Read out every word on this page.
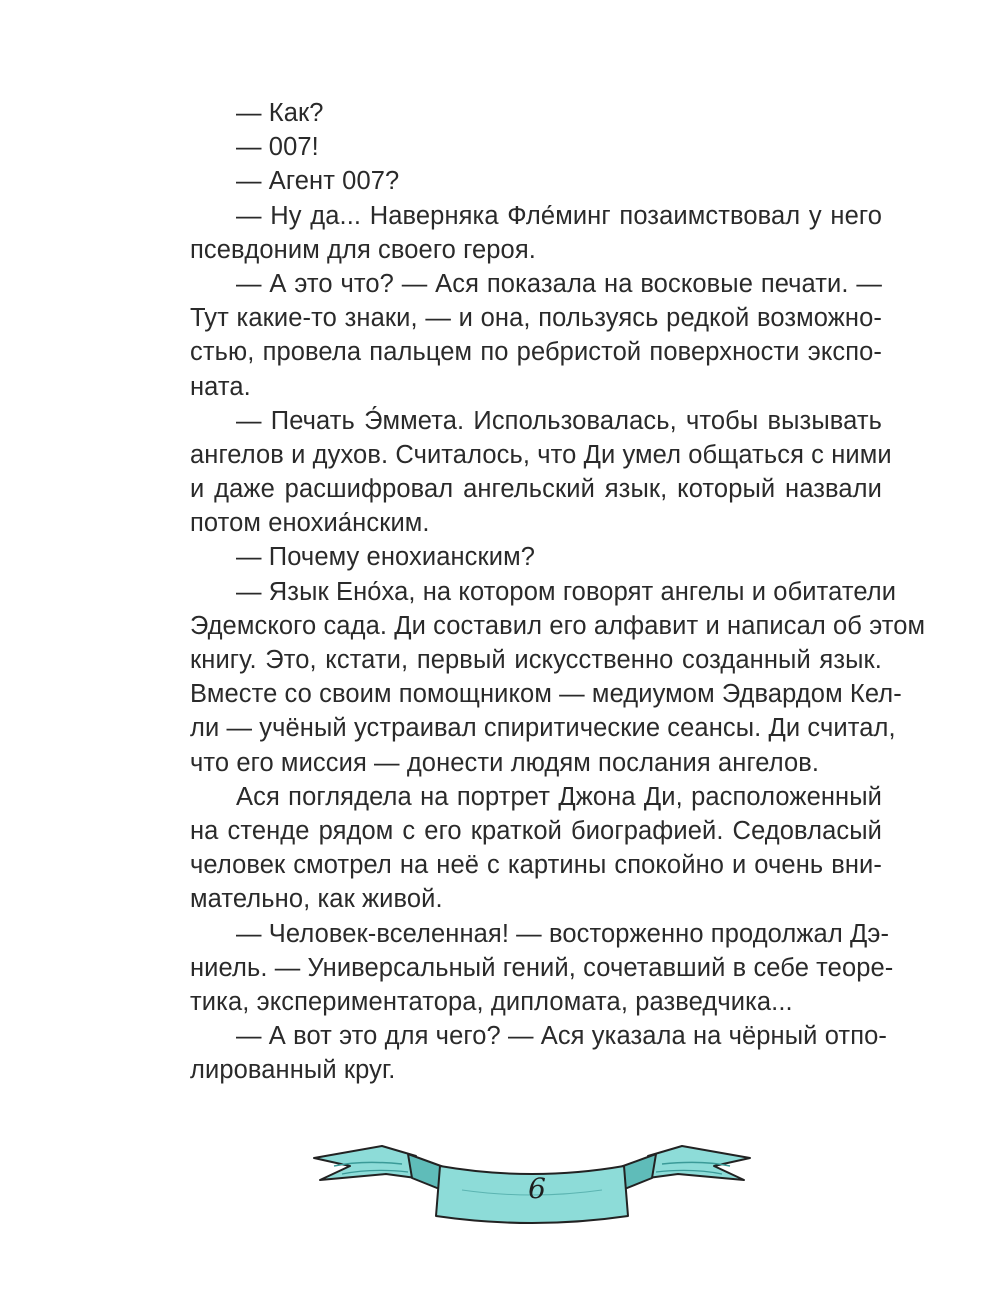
— Как?
— 007!
— Агент 007?
— Ну да... Наверняка Фле́минг позаимствовал у него
псевдоним для своего героя.
— А это что? — Ася показала на восковые печати. —
Тут какие-то знаки, — и она, пользуясь редкой возможно-
стью, провела пальцем по ребристой поверхности экспо-
ната.
— Печать Э́ммета. Использовалась, чтобы вызывать
ангелов и духов. Считалось, что Ди умел общаться с ними
и даже расшифровал ангельский язык, который назвали
потом енохиа́нским.
— Почему енохианским?
— Язык Ено́ха, на котором говорят ангелы и обитатели
Эдемского сада. Ди составил его алфавит и написал об этом
книгу. Это, кстати, первый искусственно созданный язык.
Вместе со своим помощником — медиумом Эдвардом Кел-
ли — учёный устраивал спиритические сеансы. Ди считал,
что его миссия — донести людям послания ангелов.
Ася поглядела на портрет Джона Ди, расположенный
на стенде рядом с его краткой биографией. Седовласый
человек смотрел на неё с картины спокойно и очень вни-
мательно, как живой.
— Человек-вселенная! — восторженно продолжал Дэ-
ниель. — Универсальный гений, сочетавший в себе теоре-
тика, экспериментатора, дипломата, разведчика...
— А вот это для чего? — Ася указала на чёрный отпо-
лированный круг.
6
